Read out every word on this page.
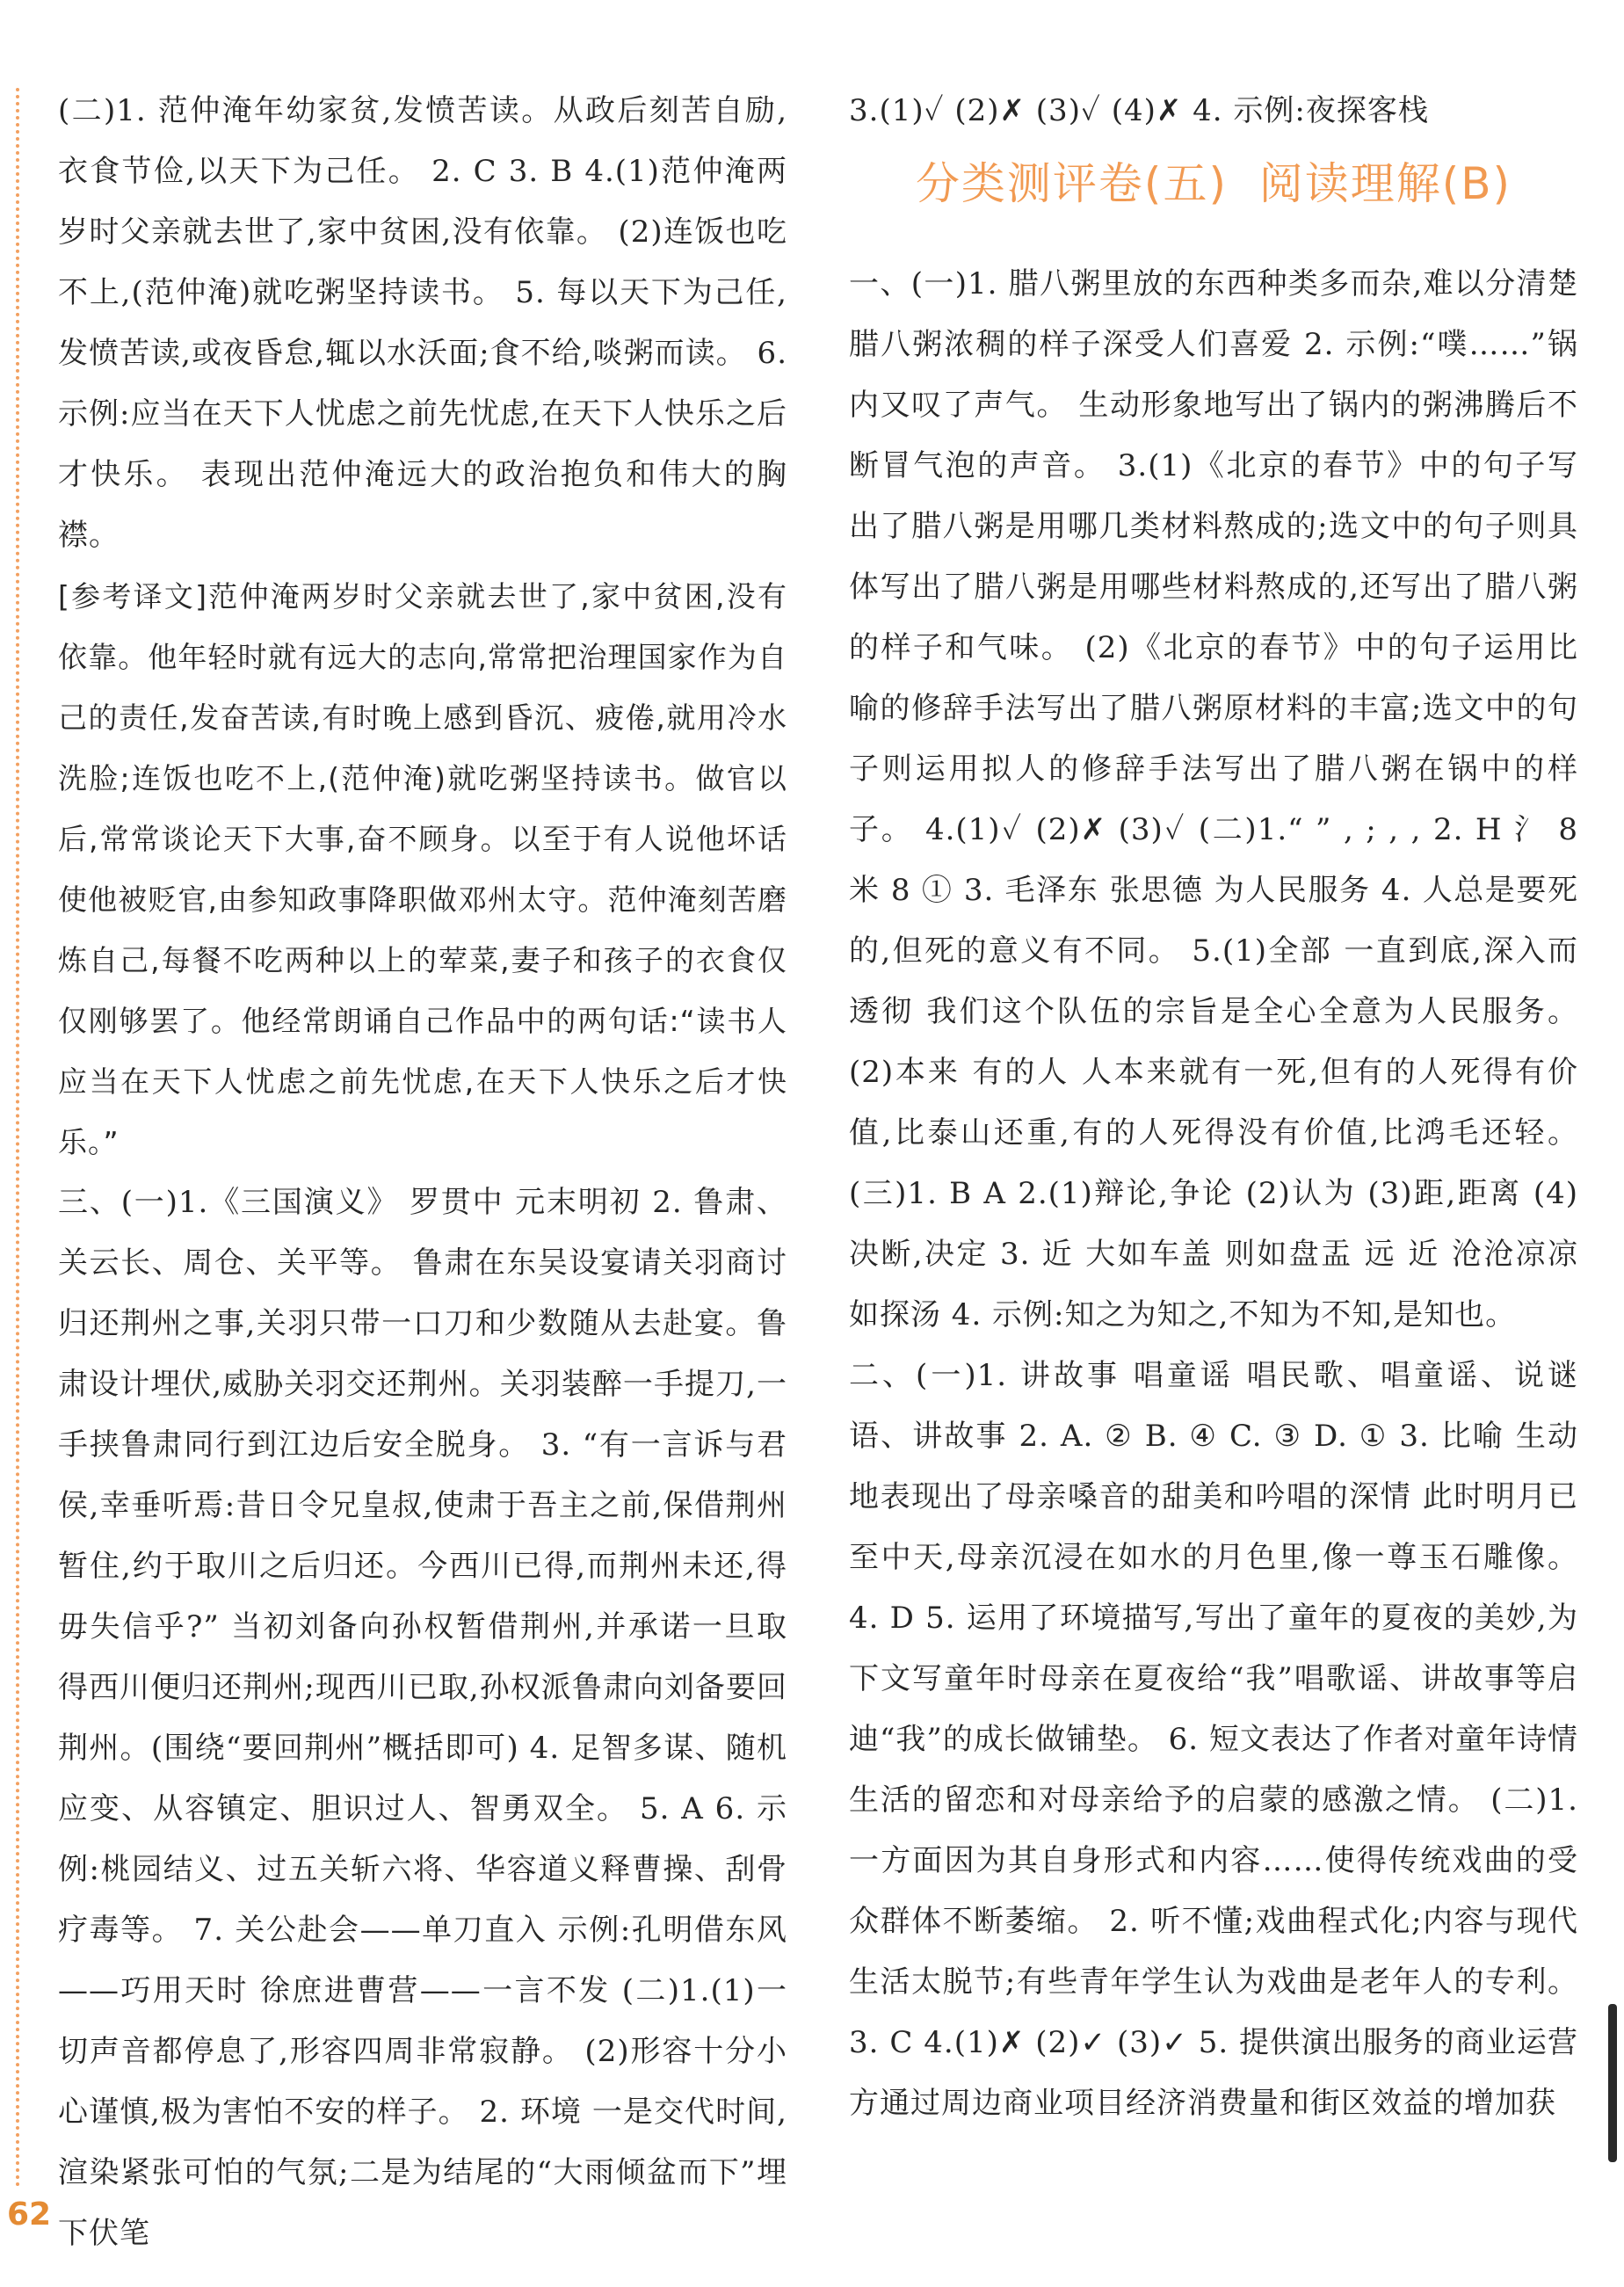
(二)1. 范仲淹年幼家贫,发愤苦读。从政后刻苦自励,衣食节俭,以天下为己任。 2. C 3. B 4.(1)范仲淹两岁时父亲就去世了,家中贫困,没有依靠。 (2)连饭也吃不上,(范仲淹)就吃粥坚持读书。 5. 每以天下为己任,发愤苦读,或夜昏怠,辄以水沃面;食不给,啖粥而读。 6. 示例:应当在天下人忧虑之前先忧虑,在天下人快乐之后才快乐。 表现出范仲淹远大的政治抱负和伟大的胸襟。

[参考译文]范仲淹两岁时父亲就去世了,家中贫困,没有依靠。他年轻时就有远大的志向,常常把治理国家作为自己的责任,发奋苦读,有时晚上感到昏沉、疲倦,就用冷水洗脸;连饭也吃不上,(范仲淹)就吃粥坚持读书。做官以后,常常谈论天下大事,奋不顾身。以至于有人说他坏话使他被贬官,由参知政事降职做邓州太守。范仲淹刻苦磨炼自己,每餐不吃两种以上的荤菜,妻子和孩子的衣食仅仅刚够罢了。他经常朗诵自己作品中的两句话:“读书人应当在天下人忧虑之前先忧虑,在天下人快乐之后才快乐。”

三、(一)1.《三国演义》 罗贯中 元末明初 2. 鲁肃、关云长、周仓、关平等。 鲁肃在东吴设宴请关羽商讨归还荆州之事,关羽只带一口刀和少数随从去赴宴。鲁肃设计埋伏,威胁关羽交还荆州。关羽装醉一手提刀,一手挟鲁肃同行到江边后安全脱身。 3. “有一言诉与君侯,幸垂听焉:昔日令兄皇叔,使肃于吾主之前,保借荆州暂住,约于取川之后归还。今西川已得,而荆州未还,得毋失信乎?” 当初刘备向孙权暂借荆州,并承诺一旦取得西川便归还荆州;现西川已取,孙权派鲁肃向刘备要回荆州。(围绕“要回荆州”概括即可) 4. 足智多谋、随机应变、从容镇定、胆识过人、智勇双全。 5. A 6. 示例:桃园结义、过五关斩六将、华容道义释曹操、刮骨疗毒等。 7. 关公赴会——单刀直入 示例:孔明借东风——巧用天时 徐庶进曹营——一言不发 (二)1.(1)一切声音都停息了,形容四周非常寂静。 (2)形容十分小心谨慎,极为害怕不安的样子。 2. 环境 一是交代时间,渲染紧张可怕的气氛;二是为结尾的“大雨倾盆而下”埋下伏笔

3.(1)✓ (2)✗ (3)✓ (4)✗ 4. 示例:夜探客栈

分类测评卷(五)  阅读理解(B)

一、(一)1. 腊八粥里放的东西种类多而杂,难以分清楚腊八粥浓稠的样子深受人们喜爱 2. 示例:“噗……”锅内又叹了声气。 生动形象地写出了锅内的粥沸腾后不断冒气泡的声音。 3.(1)《北京的春节》中的句子写出了腊八粥是用哪几类材料熬成的;选文中的句子则具体写出了腊八粥是用哪些材料熬成的,还写出了腊八粥的样子和气味。 (2)《北京的春节》中的句子运用比喻的修辞手法写出了腊八粥原材料的丰富;选文中的句子则运用拟人的修辞手法写出了腊八粥在锅中的样子。 4.(1)✓ (2)✗ (3)✓ (二)1.“ ” , ; , , 2. H 氵 8 米 8 ① 3. 毛泽东 张思德 为人民服务 4. 人总是要死的,但死的意义有不同。 5.(1)全部 一直到底,深入而透彻 我们这个队伍的宗旨是全心全意为人民服务。 (2)本来 有的人 人本来就有一死,但有的人死得有价值,比泰山还重,有的人死得没有价值,比鸿毛还轻。 (三)1. B A 2.(1)辩论,争论 (2)认为 (3)距,距离 (4)决断,决定 3. 近 大如车盖 则如盘盂 远 近 沧沧凉凉 如探汤 4. 示例:知之为知之,不知为不知,是知也。

二、(一)1. 讲故事 唱童谣 唱民歌、唱童谣、说谜语、讲故事 2. A. ② B. ④ C. ③ D. ① 3. 比喻 生动地表现出了母亲嗓音的甜美和吟唱的深情 此时明月已至中天,母亲沉浸在如水的月色里,像一尊玉石雕像。 4. D 5. 运用了环境描写,写出了童年的夏夜的美妙,为下文写童年时母亲在夏夜给“我”唱歌谣、讲故事等启迪“我”的成长做铺垫。 6. 短文表达了作者对童年诗情生活的留恋和对母亲给予的启蒙的感激之情。 (二)1. 一方面因为其自身形式和内容……使得传统戏曲的受众群体不断萎缩。 2. 听不懂;戏曲程式化;内容与现代生活太脱节;有些青年学生认为戏曲是老年人的专利。 3. C 4.(1)✗ (2)✓ (3)✓ 5. 提供演出服务的商业运营方通过周边商业项目经济消费量和街区效益的增加获

62
